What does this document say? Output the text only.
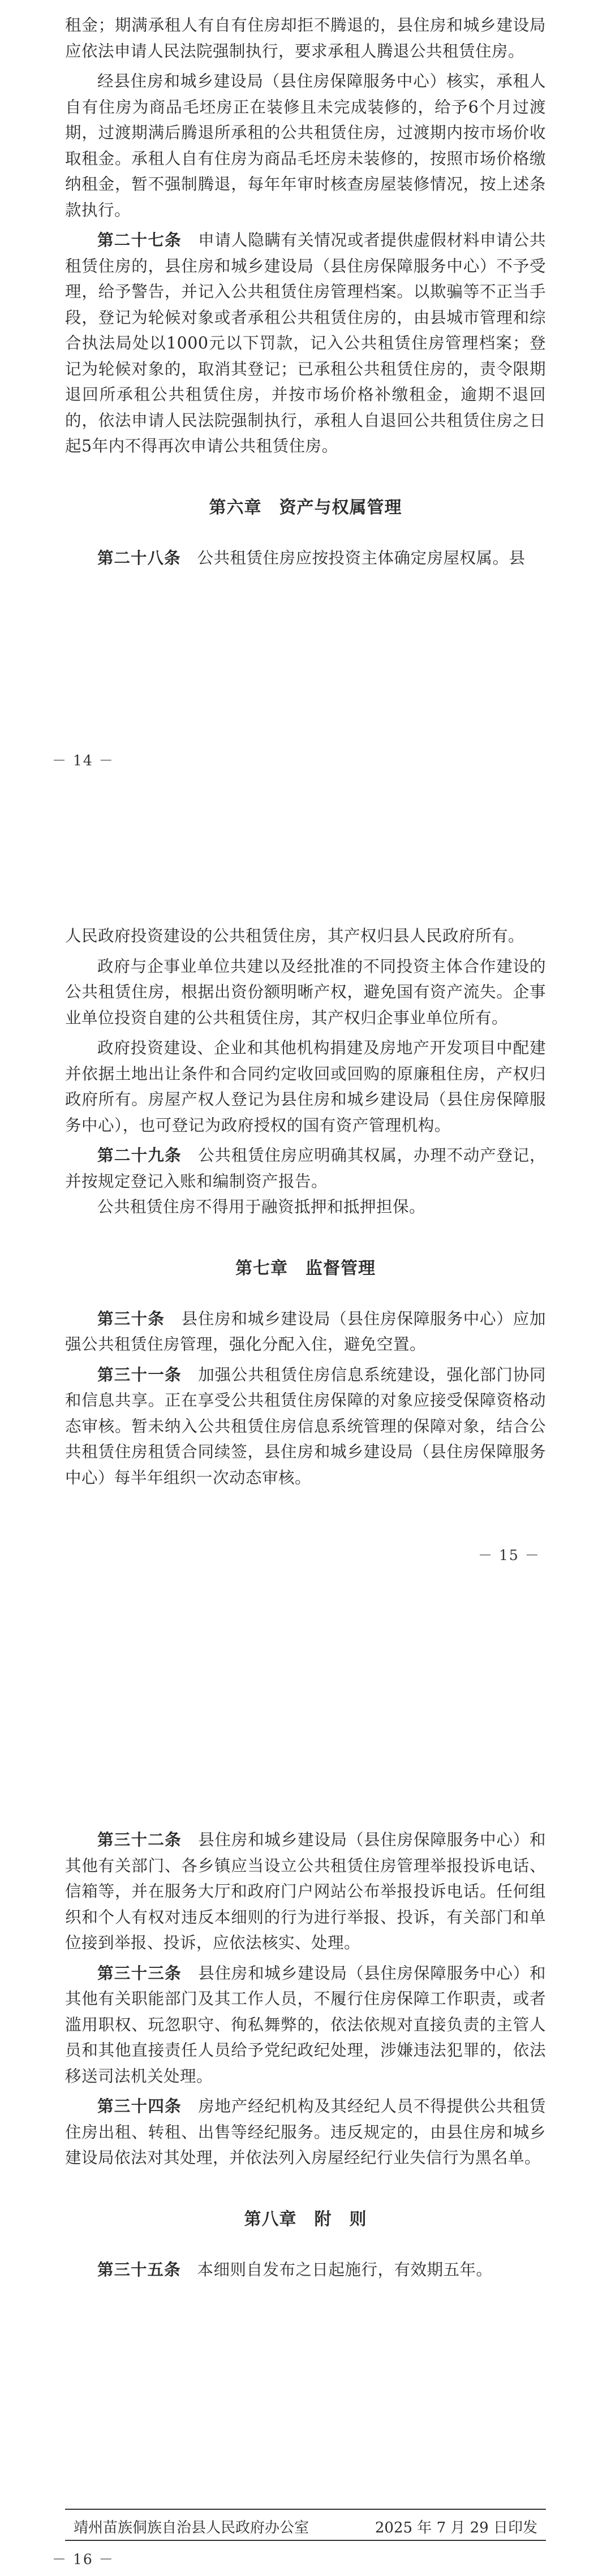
租金；期满承租人有自有住房却拒不腾退的，县住房和城乡建设局应依法申请人民法院强制执行，要求承租人腾退公共租赁住房。

经县住房和城乡建设局（县住房保障服务中心）核实，承租人自有住房为商品毛坯房正在装修且未完成装修的，给予6个月过渡期，过渡期满后腾退所承租的公共租赁住房，过渡期内按市场价收取租金。承租人自有住房为商品毛坯房未装修的，按照市场价格缴纳租金，暂不强制腾退，每年年审时核查房屋装修情况，按上述条款执行。

第二十七条　 申请人隐瞒有关情况或者提供虚假材料申请公共租赁住房的，县住房和城乡建设局（县住房保障服务中心）不予受理，给予警告，并记入公共租赁住房管理档案。以欺骗等不正当手段，登记为轮候对象或者承租公共租赁住房的，由县城市管理和综合执法局处以1000元以下罚款，记入公共租赁住房管理档案；登记为轮候对象的，取消其登记；已承租公共租赁住房的，责令限期退回所承租公共租赁住房，并按市场价格补缴租金，逾期不退回的，依法申请人民法院强制执行，承租人自退回公共租赁住房之日起5年内不得再次申请公共租赁住房。

第六章　资产与权属管理

第二十八条　 公共租赁住房应按投资主体确定房屋权属。县

－ 14 －

人民政府投资建设的公共租赁住房，其产权归县人民政府所有。

政府与企事业单位共建以及经批准的不同投资主体合作建设的公共租赁住房，根据出资份额明晰产权，避免国有资产流失。企事业单位投资自建的公共租赁住房，其产权归企事业单位所有。

政府投资建设、企业和其他机构捐建及房地产开发项目中配建并依据土地出让条件和合同约定收回或回购的原廉租住房，产权归政府所有。房屋产权人登记为县住房和城乡建设局（县住房保障服务中心），也可登记为政府授权的国有资产管理机构。

第二十九条　 公共租赁住房应明确其权属，办理不动产登记，并按规定登记入账和编制资产报告。

公共租赁住房不得用于融资抵押和抵押担保。

第七章　监督管理

第三十条　 县住房和城乡建设局（县住房保障服务中心）应加强公共租赁住房管理，强化分配入住，避免空置。

第三十一条　 加强公共租赁住房信息系统建设，强化部门协同和信息共享。正在享受公共租赁住房保障的对象应接受保障资格动态审核。暂未纳入公共租赁住房信息系统管理的保障对象，结合公共租赁住房租赁合同续签，县住房和城乡建设局（县住房保障服务中心）每半年组织一次动态审核。

－ 15 －

第三十二条　 县住房和城乡建设局（县住房保障服务中心）和其他有关部门、各乡镇应当设立公共租赁住房管理举报投诉电话、信箱等，并在服务大厅和政府门户网站公布举报投诉电话。任何组织和个人有权对违反本细则的行为进行举报、投诉，有关部门和单位接到举报、投诉，应依法核实、处理。

第三十三条　 县住房和城乡建设局（县住房保障服务中心）和其他有关职能部门及其工作人员，不履行住房保障工作职责，或者滥用职权、玩忽职守、徇私舞弊的，依法依规对直接负责的主管人员和其他直接责任人员给予党纪政纪处理，涉嫌违法犯罪的，依法移送司法机关处理。

第三十四条　 房地产经纪机构及其经纪人员不得提供公共租赁住房出租、转租、出售等经纪服务。违反规定的，由县住房和城乡建设局依法对其处理，并依法列入房屋经纪行业失信行为黑名单。

第八章　附　则

第三十五条　 本细则自发布之日起施行，有效期五年。

靖州苗族侗族自治县人民政府办公室	2025 年 7 月 29 日印发
－ 16 －
